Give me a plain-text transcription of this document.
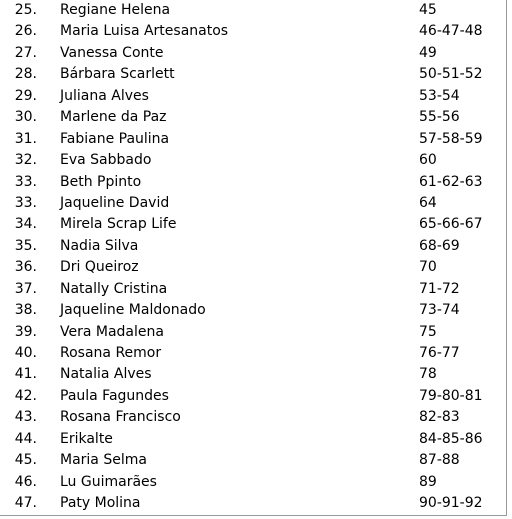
25. Regiane Helena	45
26. Maria Luisa Artesanatos	46-47-48
27. Vanessa Conte	49
28. Bárbara Scarlett	50-51-52
29. Juliana Alves	53-54
30. Marlene da Paz	55-56
31. Fabiane Paulina	57-58-59
32. Eva Sabbado	60
33. Beth Ppinto	61-62-63
33. Jaqueline David	64
34. Mirela Scrap Life	65-66-67
35. Nadia Silva	68-69
36. Dri Queiroz	70
37. Natally Cristina	71-72
38. Jaqueline Maldonado	73-74
39. Vera Madalena	75
40. Rosana Remor	76-77
41. Natalia Alves	78
42. Paula Fagundes	79-80-81
43. Rosana Francisco	82-83
44. Erikalte	84-85-86
45. Maria Selma	87-88
46. Lu Guimarães	89
47. Paty Molina	90-91-92
